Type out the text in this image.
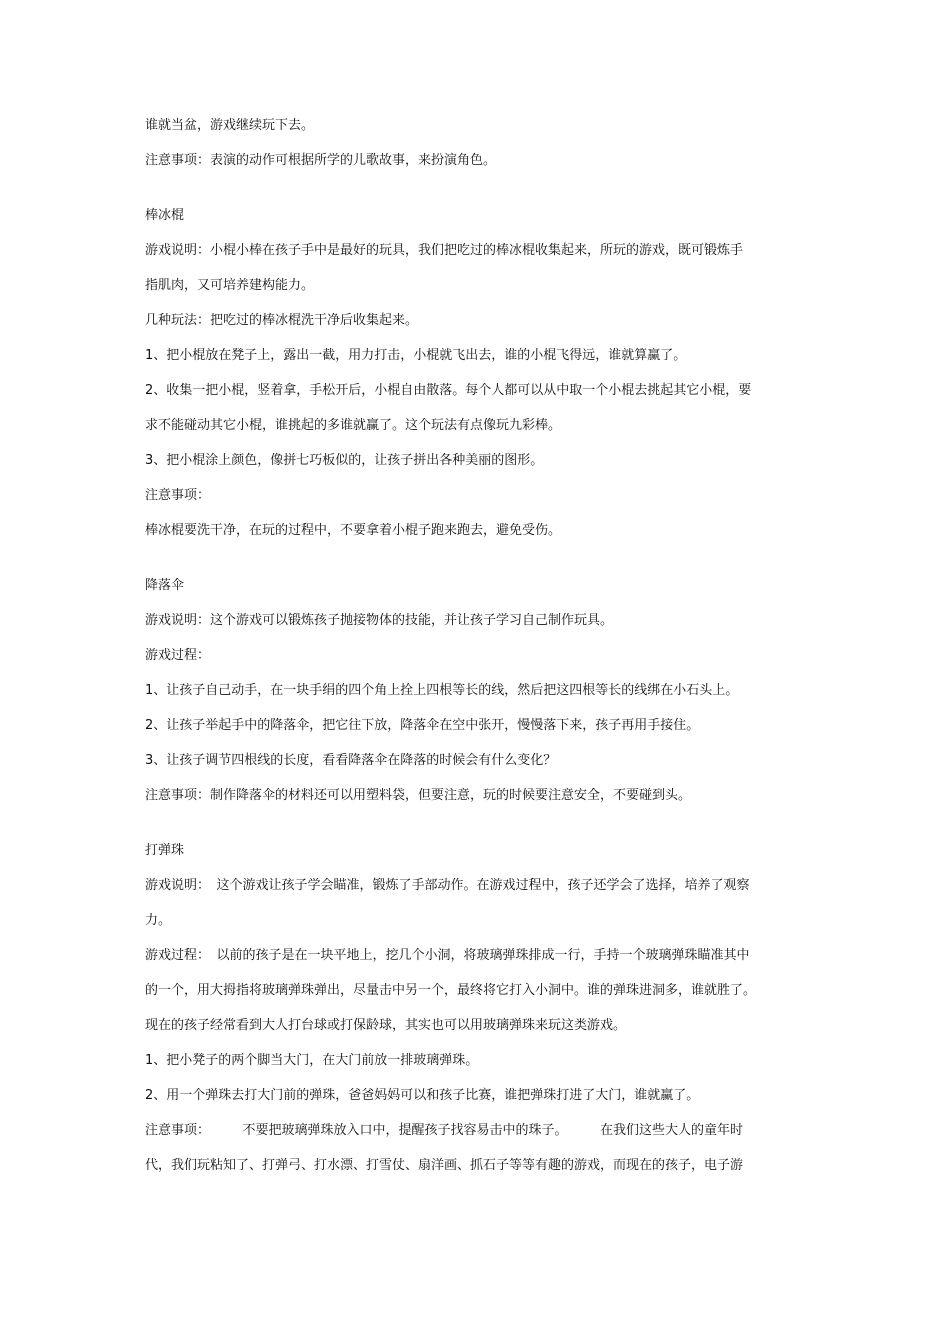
谁就当盆，游戏继续玩下去。
注意事项：表演的动作可根据所学的儿歌故事，来扮演角色。
棒冰棍
游戏说明：小棍小棒在孩子手中是最好的玩具，我们把吃过的棒冰棍收集起来，所玩的游戏，既可锻炼手
指肌肉，又可培养建构能力。
几种玩法：把吃过的棒冰棍洗干净后收集起来。
1、把小棍放在凳子上，露出一截，用力打击，小棍就飞出去，谁的小棍飞得远，谁就算赢了。
2、收集一把小棍，竖着拿，手松开后，小棍自由散落。每个人都可以从中取一个小棍去挑起其它小棍，要
求不能碰动其它小棍，谁挑起的多谁就赢了。这个玩法有点像玩九彩棒。
3、把小棍涂上颜色，像拼七巧板似的，让孩子拼出各种美丽的图形。
注意事项：
棒冰棍要洗干净，在玩的过程中，不要拿着小棍子跑来跑去，避免受伤。
降落伞
游戏说明：这个游戏可以锻炼孩子抛接物体的技能，并让孩子学习自己制作玩具。
游戏过程：
1、让孩子自己动手，在一块手绢的四个角上拴上四根等长的线，然后把这四根等长的线绑在小石头上。
2、让孩子举起手中的降落伞，把它往下放，降落伞在空中张开，慢慢落下来，孩子再用手接住。
3、让孩子调节四根线的长度，看看降落伞在降落的时候会有什么变化？
注意事项：制作降落伞的材料还可以用塑料袋，但要注意，玩的时候要注意安全，不要碰到头。
打弹珠
游戏说明：　这个游戏让孩子学会瞄准，锻炼了手部动作。在游戏过程中，孩子还学会了选择，培养了观察
力。
游戏过程：　以前的孩子是在一块平地上，挖几个小洞，将玻璃弹珠排成一行，手持一个玻璃弹珠瞄准其中
的一个，用大拇指将玻璃弹珠弹出，尽量击中另一个，最终将它打入小洞中。谁的弹珠进洞多，谁就胜了。
现在的孩子经常看到大人打台球或打保龄球，其实也可以用玻璃弹珠来玩这类游戏。
1、把小凳子的两个脚当大门，在大门前放一排玻璃弹珠。
2、用一个弹珠去打大门前的弹珠，爸爸妈妈可以和孩子比赛，谁把弹珠打进了大门，谁就赢了。
注意事项：　　　不要把玻璃弹珠放入口中，提醒孩子找容易击中的珠子。　　　在我们这些大人的童年时
代，我们玩粘知了、打弹弓、打水漂、打雪仗、扇洋画、抓石子等等有趣的游戏，而现在的孩子，电子游
